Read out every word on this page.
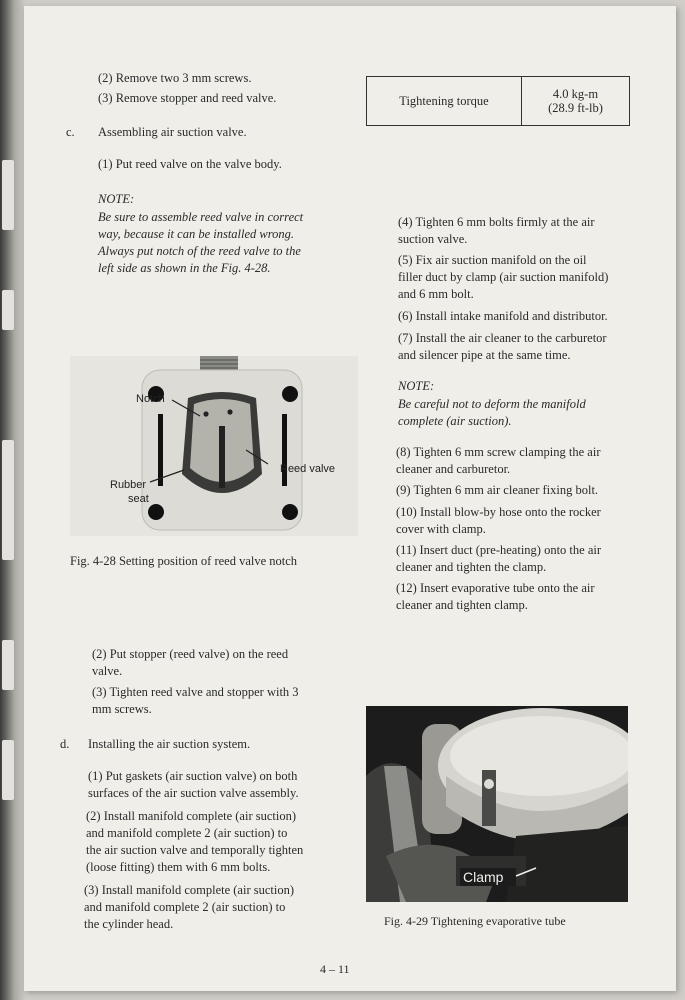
(2) Remove two 3 mm screws.
(3) Remove stopper and reed valve.
c. Assembling air suction valve.
(1) Put reed valve on the valve body.
NOTE:
Be sure to assemble reed valve in correct
way, because it can be installed wrong.
Always put notch of the reed valve to the
left side as shown in the Fig. 4-28.
Notch
Reed valve
Rubber
seat
Fig. 4-28 Setting position of reed valve notch
(2) Put stopper (reed valve) on the reed
valve.
(3) Tighten reed valve and stopper with 3
mm screws.
d. Installing the air suction system.
(1) Put gaskets (air suction valve) on both
surfaces of the air suction valve assembly.
(2) Install manifold complete (air suction)
and manifold complete 2 (air suction) to
the air suction valve and temporally tighten
(loose fitting) them with 6 mm bolts.
(3) Install manifold complete (air suction)
and manifold complete 2 (air suction) to
the cylinder head.
Tightening torque	4.0 kg-m
(28.9 ft-lb)
(4) Tighten 6 mm bolts firmly at the air
suction valve.
(5) Fix air suction manifold on the oil
filler duct by clamp (air suction manifold)
and 6 mm bolt.
(6) Install intake manifold and distributor.
(7) Install the air cleaner to the carburetor
and silencer pipe at the same time.
NOTE:
Be careful not to deform the manifold
complete (air suction).
(8) Tighten 6 mm screw clamping the air
cleaner and carburetor.
(9) Tighten 6 mm air cleaner fixing bolt.
(10) Install blow-by hose onto the rocker
cover with clamp.
(11) Insert duct (pre-heating) onto the air
cleaner and tighten the clamp.
(12) Insert evaporative tube onto the air
cleaner and tighten clamp.
Clamp
Fig. 4-29 Tightening evaporative tube
4 – 11
